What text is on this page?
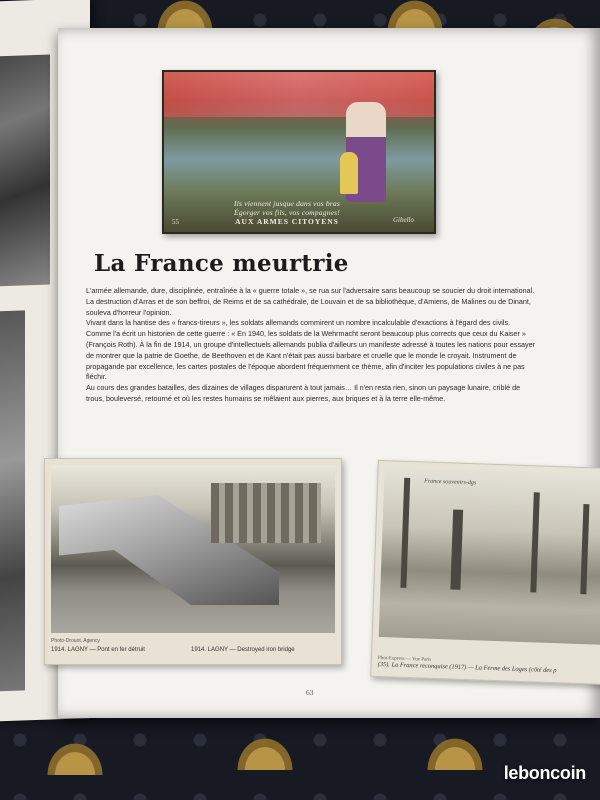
55
Ils viennent jusque dans vos bras
Égorger vos fils, vos compagnes!
AUX ARMES CITOYENS	Gibello
La France meurtrie

L'armée allemande, dure, disciplinée, entraînée à la « guerre totale », se rua sur l'adversaire sans beaucoup se soucier du droit international. La destruction d'Arras et de son beffroi, de Reims et de sa cathédrale, de Louvain et de sa bibliothèque, d'Amiens, de Malines ou de Dinant, souleva d'horreur l'opinion.

Vivant dans la hantise des « francs-tireurs », les soldats allemands commirent un nombre incalculable d'exactions à l'égard des civils. Comme l'a écrit un historien de cette guerre : « En 1940, les soldats de la Wehrmacht seront beaucoup plus corrects que ceux du Kaiser » (François Roth). À la fin de 1914, un groupe d'intellectuels allemands publia d'ailleurs un manifeste adressé à toutes les nations pour essayer de montrer que la patrie de Goethe, de Beethoven et de Kant n'était pas aussi barbare et cruelle que le monde le croyait. Instrument de propagande par excellence, les cartes postales de l'époque abordent fréquemment ce thème, afin d'inciter les populations civiles à ne pas fléchir.

Au cours des grandes batailles, des dizaines de villages disparurent à tout jamais… Il n'en resta rien, sinon un paysage lunaire, criblé de trous, bouleversé, retourné et où les restes humains se mêlaient aux pierres, aux briques et à la terre elle-même.

Photo-Drouot, Agency
1914. LAGNY — Pont en fer détruit	1914. LAGNY — Destroyed iron bridge
France souvenirs-dgs
Phot-Express — Vue Paris
(35). La France reconquise (1917) — La Ferme des Loges (côté des p
63
leboncoin
